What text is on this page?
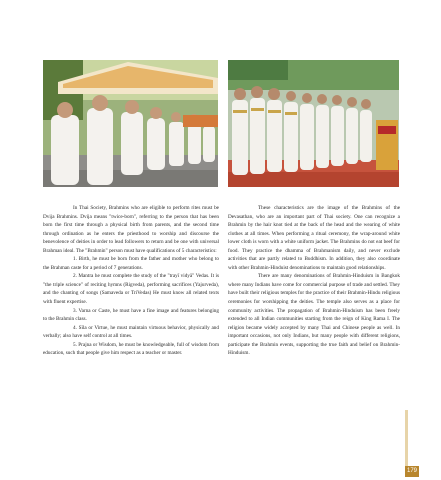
In Thai Society, Brahmins who are eligible to perform rites must be Dvija Brahmins. Dvija means "twice-born", referring to the person that has been born the first time through a physical birth from parents, and the second time through ordination as he enters the priesthood to worship and discourse the benevolence of deities in order to lead followers to return and be one with universal Brahman ideal. The "Brahmin" person must have qualifications of 5 characteristics:

1. Birth, he must be born from the father and mother who belong to the Brahman caste for a period of 7 generations.

2. Mantra he must complete the study of the "trayī vidyā" Vedas. It is "the triple science" of reciting hymns (Rigveda), performing sacrifices (Yajurveda), and the chanting of songs (Samaveda or TriVedas) He must know all related texts with fluent expertise.

3. Varna or Caste, he must have a fine image and features belonging to the Brahmin class.

4. Sīla or Virtue, he must maintain virtuous behavior, physically and verbally; also have self control at all times.

5. Prajna or Wisdom, he must be knowledgeable, full of wisdom from education, such that people give him respect as a teacher or master.

These characteristics are the image of the Brahmins of the Devasathan, who are an important part of Thai society. One can recognize a Brahmin by the hair knot tied at the back of the head and the wearing of white clothes at all times. When performing a ritual ceremony, the wrap-around white lower cloth is worn with a white uniform jacket. The Brahmins do not eat beef for food. They practice the dhamma of Brahmanism daily, and never exclude activities that are partly related to Buddhism. In addition, they also coordinate with other Brahmin-Hinduist denominations to maintain good relationships.

There are many denominations of Brahmin-Hinduism in Bangkok where many Indians have come for commercial purpose of trade and settled. They have built their religious temples for the practice of their Brahmin-Hindu religious ceremonies for worshipping the deities. The temple also serves as a place for community activities. The propagation of Brahmin-Hinduism has been freely extended to all Indian communities starting from the reign of King Rama I. The religion became widely accepted by many Thai and Chinese people as well. In important occasions, not only Indians, but many people with different religions, participate the Brahmin events, supporting the true faith and belief on Brahmin-Hinduism.

179
